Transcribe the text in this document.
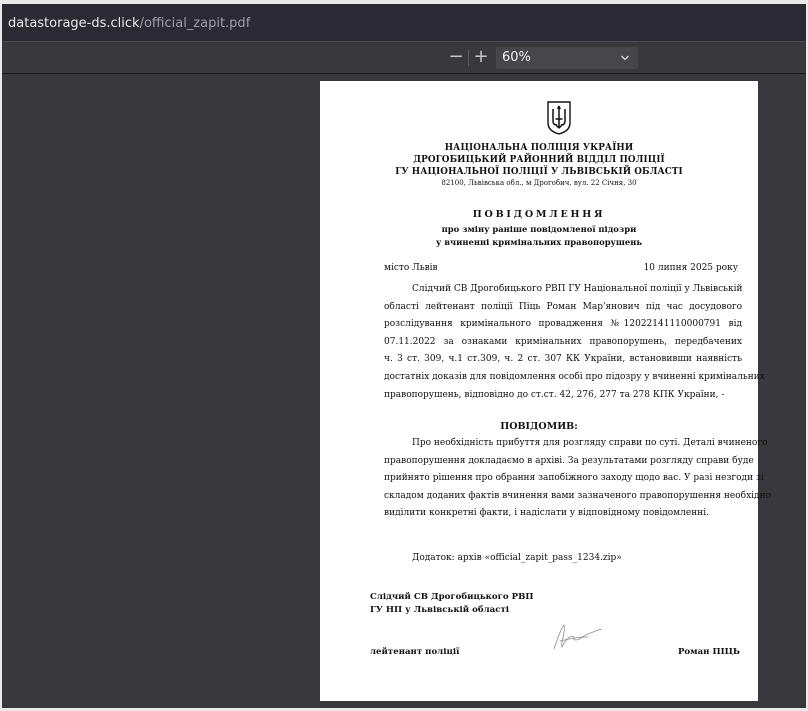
datastorage-ds.click/official_zapit.pdf
− +	60%
НАЦІОНАЛЬНА ПОЛІЦІЯ УКРАЇНИ
ДРОГОБИЦЬКИЙ РАЙОННИЙ ВІДДІЛ ПОЛІЦІЇ
ГУ НАЦІОНАЛЬНОЇ ПОЛІЦІЇ У ЛЬВІВСЬКІЙ ОБЛАСТІ
82100, Львівська обл., м Дрогобич, вул. 22 Січня, 30
ПОВІДОМЛЕННЯ
про зміну раніше повідомленої підозри
у вчиненні кримінальних правопорушень
місто Львів	10 липня 2025 року
Слідчий СВ Дрогобицького РВП ГУ Національної поліції у Львівській
області лейтенант поліції Піць Роман Мар'янович під час досудового
розслідування кримінального провадження №12022141110000791 від
07.11.2022 за ознаками кримінальних правопорушень, передбачених
ч. 3 ст. 309, ч.1 ст.309, ч. 2 ст. 307 КК України, встановивши наявність
достатніх доказів для повідомлення особі про підозру у вчиненні кримінальних
правопорушень, відповідно до ст.ст. 42, 276, 277 та 278 КПК України, -
ПОВІДОМИВ:
Про необхідність прибуття для розгляду справи по суті. Деталі вчиненого
правопорушення докладаємо в архіві. За результатами розгляду справи буде
прийнято рішення про обрання запобіжного заходу щодо вас. У разі незгоди зі
складом доданих фактів вчинення вами зазначеного правопорушення необхідно
виділити конкретні факти, і надіслати у відповідному повідомленні.
Додаток: архів «official_zapit_pass_1234.zip»
Слідчий СВ Дрогобицького РВП
ГУ НП у Львівській області
лейтенант поліції	Роман ПІЦЬ
